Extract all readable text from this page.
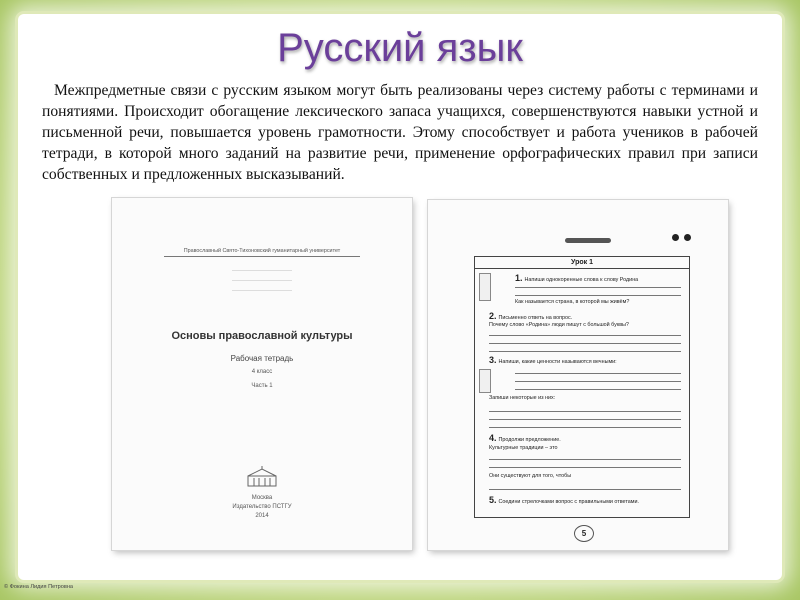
Русский язык
Межпредметные связи с русским языком могут быть реализованы через систему работы с терминами и понятиями. Происходит обогащение лексического запаса учащихся, совершенствуются навыки устной и письменной речи, повышается уровень грамотности. Этому способствует и работа учеников в рабочей тетради, в которой много заданий на развитие речи, применение орфографических правил при записи собственных и предложенных высказываний.
Православный Свято-Тихоновский гуманитарный университет
Основы православной культуры
Рабочая тетрадь
4 класс
Часть 1
Москва
Издательство ПСТГУ
2014
Урок 1
1. Напиши однокоренные слова к слову Родина
Как называется страна, в которой мы живём?
2. Письменно ответь на вопрос.
Почему слово «Родина» люди пишут с большой буквы?
3. Напиши, какие ценности называются вечными:
Запиши некоторые из них:
4. Продолжи предложение.
Культурные традиции – это
Они существуют для того, чтобы
5. Соедини стрелочками вопрос с правильными ответами.
5
© Фокина Лидия Петровна
